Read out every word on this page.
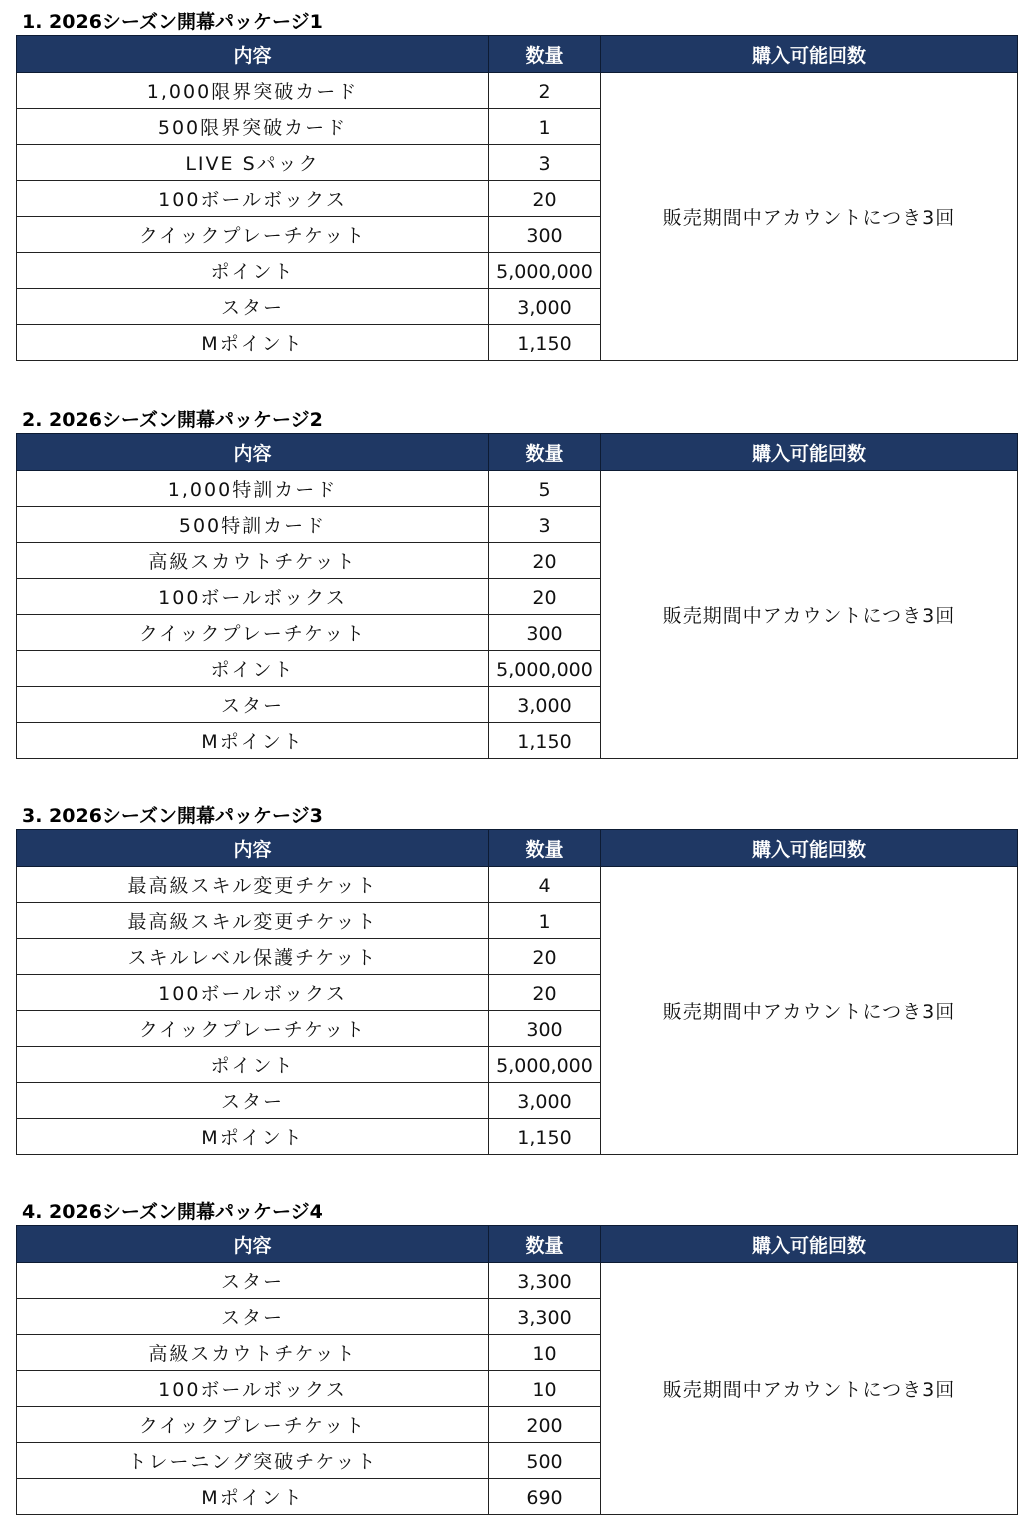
1. 2026シーズン開幕パッケージ1
内容	数量	購入可能回数
1,000限界突破カード	2	販売期間中アカウントにつき3回
500限界突破カード	1	
LIVE Sパック	3	
100ボールボックス	20	
クイックプレーチケット	300	
ポイント	5,000,000	
スター	3,000	
Mポイント	1,150	
2. 2026シーズン開幕パッケージ2
内容	数量	購入可能回数
1,000特訓カード	5	販売期間中アカウントにつき3回
500特訓カード	3	
高級スカウトチケット	20	
100ボールボックス	20	
クイックプレーチケット	300	
ポイント	5,000,000	
スター	3,000	
Mポイント	1,150	
3. 2026シーズン開幕パッケージ3
内容	数量	購入可能回数
最高級スキル変更チケット	4	販売期間中アカウントにつき3回
最高級スキル変更チケット	1	
スキルレベル保護チケット	20	
100ボールボックス	20	
クイックプレーチケット	300	
ポイント	5,000,000	
スター	3,000	
Mポイント	1,150	
4. 2026シーズン開幕パッケージ4
内容	数量	購入可能回数
スター	3,300	販売期間中アカウントにつき3回
スター	3,300	
高級スカウトチケット	10	
100ボールボックス	10	
クイックプレーチケット	200	
トレーニング突破チケット	500	
Mポイント	690	
